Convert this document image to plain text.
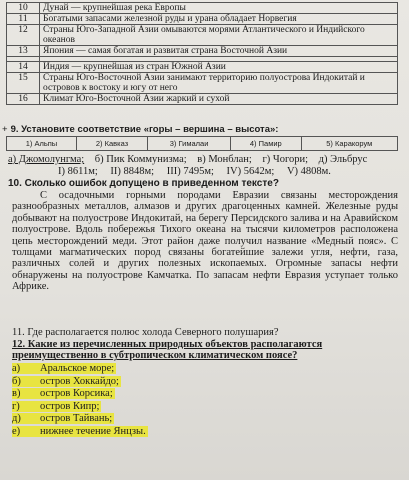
10	Дунай — крупнейшая река Европы
11	Богатыми запасами железной руды и урана обладает Норвегия
12	Страны Юго-Западной Азии омываются морями Атлантического и Индийского океанов
13	Япония — самая богатая и развитая страна Восточной Азии

14	Индия — крупнейшая из стран Южной Азии
15	Страны Юго-Восточной Азии занимают территорию полуострова Индокитай и островов к востоку и югу от него
16	Климат Юго-Восточной Азии жаркий и сухой
+ 9. Установите соответствие «горы – вершина – высота»:
1) Альпы	2) Кавказ	3) Гималаи	4) Памир	5) Каракорум
а) Джомолунгма; б) Пик Коммунизма; в) Монблан; г) Чогори; д) Эльбрус
I) 8611м; II) 8848м; III) 7495м; IV) 5642м; V) 4808м.
10. Сколько ошибок допущено в приведенном тексте?
С осадочными горными породами Евразии связаны месторождения разнообразных металлов, алмазов и других драгоценных камней. Железные руды добывают на полуострове Индокитай, на берегу Персидского залива и на Аравийском полуострове. Вдоль побережья Тихого океана на тысячи километров расположена цепь месторождений меди. Этот район даже получил название «Медный пояс». С толщами магматических пород связаны богатейшие залежи угля, нефти, газа, различных солей и других полезных ископаемых. Огромные запасы нефти обнаружены на полуострове Камчатка. По запасам нефти Евразия уступает только Африке.
11. Где располагается полюс холода Северного полушария?
12. Какие из перечисленных природных объектов располагаются преимущественно в субтропическом климатическом поясе?
а) Аральское море;
б) остров Хоккайдо;
в) остров Корсика;
г) остров Кипр;
д) остров Тайвань;
е) нижнее течение Янцзы.
